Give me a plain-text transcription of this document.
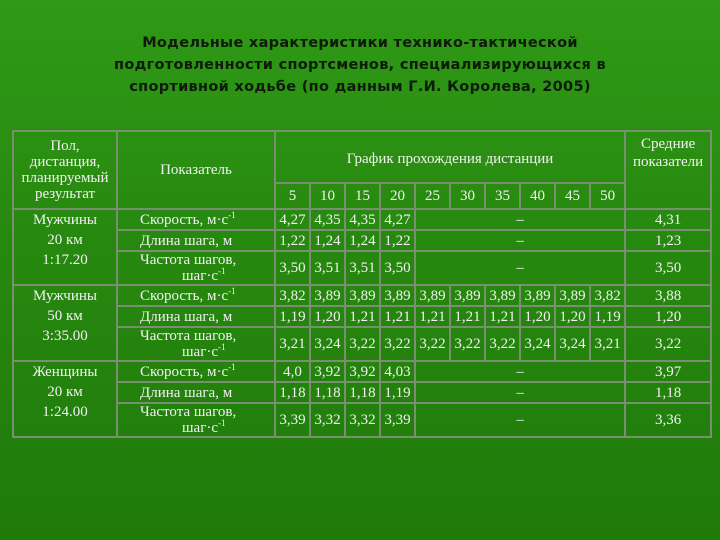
Модельные характеристики технико-тактической
подготовленности спортсменов, специализирующихся в
спортивной ходьбе (по данным Г.И. Королева, 2005)
Пол,
дистанция,
планируемый
результат	Показатель	График прохождения дистанции										Средние
показатели

		5	10	15	20	25	30	35	40	45	50	

Мужчины
20 км
1:17.20	Скорость, $м\cdot с^{-1}$	4,27	4,35	4,35	4,27	–						4,31
	Длина шага, м	1,22	1,24	1,24	1,22	–						1,23
	Частота шагов,
$шаг\cdot с^{-1}$	3,50	3,51	3,51	3,50	–						3,50

Мужчины
50 км
3:35.00	Скорость, $м\cdot с^{-1}$	3,82	3,89	3,89	3,89	3,89	3,89	3,89	3,89	3,89	3,82	3,88
	Длина шага, м	1,19	1,20	1,21	1,21	1,21	1,21	1,21	1,20	1,20	1,19	1,20
	Частота шагов,
$шаг\cdot с^{-1}$	3,21	3,24	3,22	3,22	3,22	3,22	3,22	3,24	3,24	3,21	3,22

Женщины
20 км
1:24.00	Скорость, $м\cdot с^{-1}$	4,0	3,92	3,92	4,03	–						3,97
	Длина шага, м	1,18	1,18	1,18	1,19	–						1,18
	Частота шагов,
$шаг\cdot с^{-1}$	3,39	3,32	3,32	3,39	–						3,36
